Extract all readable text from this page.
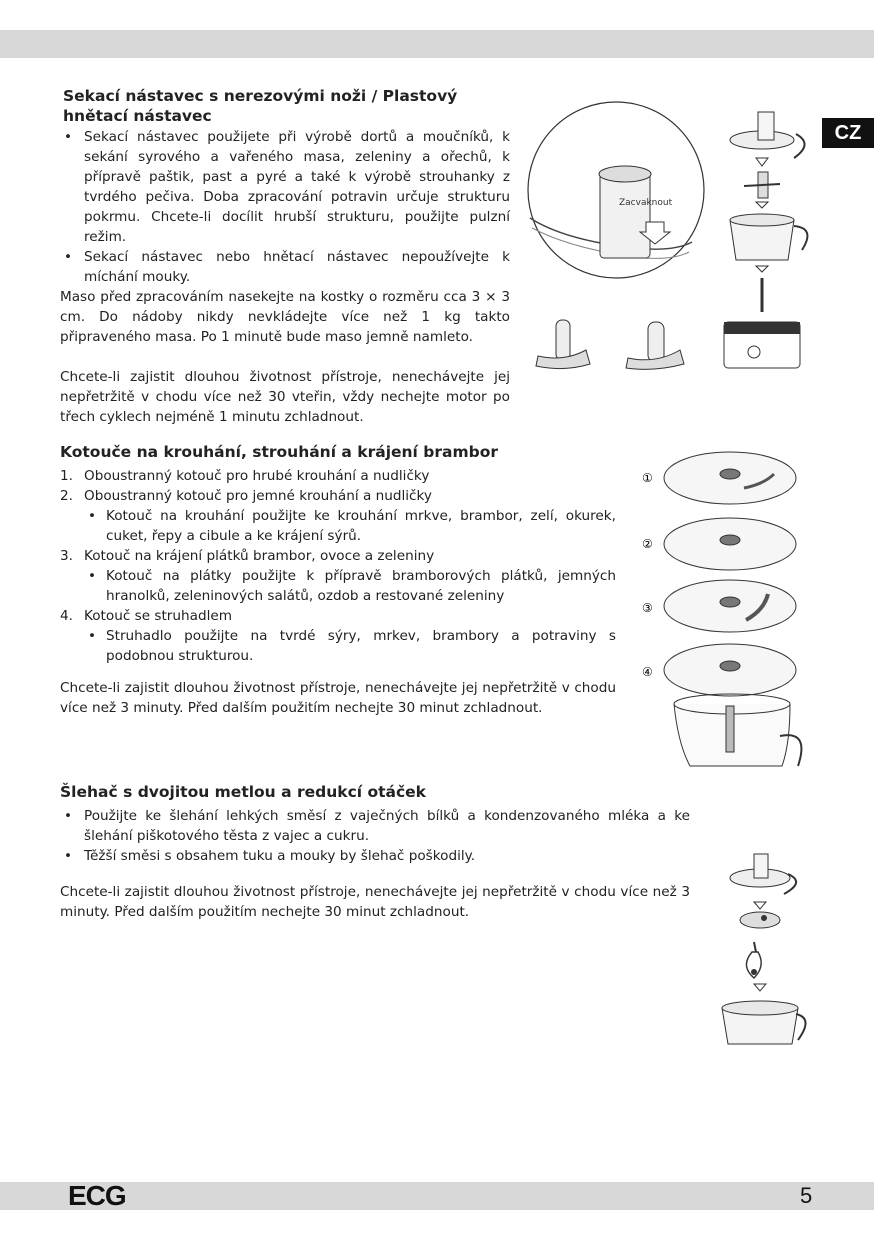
CZ
Sekací nástavec s nerezovými noži / Plastový hnětací nástavec
• Sekací nástavec použijete při výrobě dortů a moučníků, k sekání syrového a vařeného masa, zeleniny a ořechů, k přípravě paštik, past a pyré a také k výrobě strouhanky z tvrdého pečiva. Doba zpracování potravin určuje strukturu pokrmu. Chcete-li docílit hrubší strukturu, použijte pulzní režim.
• Sekací nástavec nebo hnětací nástavec nepoužívejte k míchání mouky.

Maso před zpracováním nasekejte na kostky o rozměru cca 3 × 3 cm. Do nádoby nikdy nevkládejte více než 1 kg takto připraveného masa. Po 1 minutě bude maso jemně namleto.

Chcete-li zajistit dlouhou životnost přístroje, nenechávejte jej nepřetržitě v chodu více než 30 vteřin, vždy nechejte motor po třech cyklech nejméně 1 minutu zchladnout.

Zacvaknout
Kotouče na krouhání, strouhání a krájení brambor
1. Oboustranný kotouč pro hrubé krouhání a nudličky
2. Oboustranný kotouč pro jemné krouhání a nudličky
• Kotouč na krouhání použijte ke krouhání mrkve, brambor, zelí, okurek, cuket, řepy a cibule a ke krájení sýrů.
3. Kotouč na krájení plátků brambor, ovoce a zeleniny
• Kotouč na plátky použijte k přípravě bramborových plátků, jemných hranolků, zeleninových salátů, ozdob a restované zeleniny
4. Kotouč se struhadlem
• Struhadlo použijte na tvrdé sýry, mrkev, brambory a potraviny s podobnou strukturou.

Chcete-li zajistit dlouhou životnost přístroje, nenechávejte jej nepřetržitě v chodu více než 3 minuty. Před dalším použitím nechejte 30 minut zchladnout.

①
②
③
④
Šlehač s dvojitou metlou a redukcí otáček
• Použijte ke šlehání lehkých směsí z vaječných bílků a kondenzovaného mléka a ke šlehání piškotového těsta z vajec a cukru.
• Těžší směsi s obsahem tuku a mouky by šlehač poškodily.

Chcete-li zajistit dlouhou životnost přístroje, nenechávejte jej nepřetržitě v chodu více než 3 minuty. Před dalším použitím nechejte 30 minut zchladnout.

ECG	5
